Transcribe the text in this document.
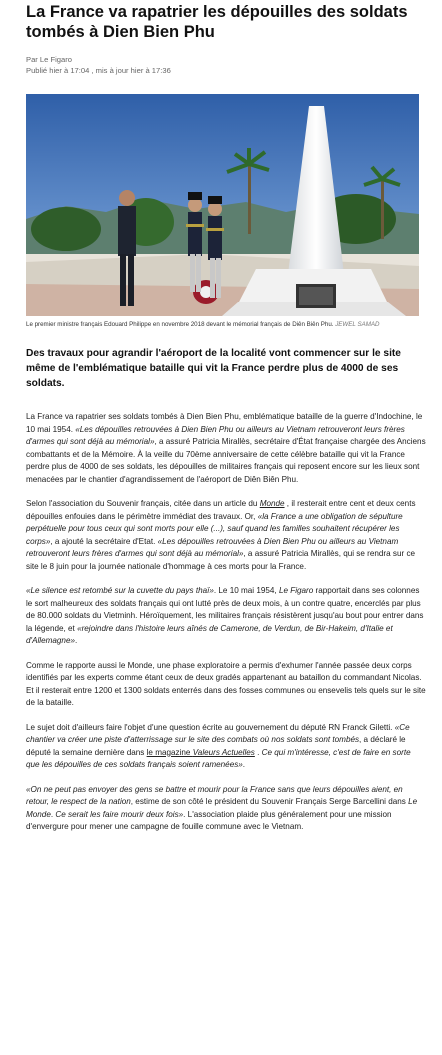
La France va rapatrier les dépouilles des soldats tombés à Dien Bien Phu

Par Le Figaro

Publié hier à 17:04 , mis à jour hier à 17:36

Le premier ministre français Edouard Philippe en novembre 2018 devant le mémorial français de Diên Biên Phu. JEWEL SAMAD

Des travaux pour agrandir l'aéroport de la localité vont commencer sur le site même de l'emblématique bataille qui vit la France perdre plus de 4000 de ses soldats.

La France va rapatrier ses soldats tombés à Dien Bien Phu, emblématique bataille de la guerre d'Indochine, le 10 mai 1954. «Les dépouilles retrouvées à Dien Bien Phu ou ailleurs au Vietnam retrouveront leurs frères d'armes qui sont déjà au mémorial», a assuré Patricia Mirallès, secrétaire d'État française chargée des Anciens combattants et de la Mémoire. À la veille du 70ème anniversaire de cette célèbre bataille qui vit la France perdre plus de 4000 de ses soldats, les dépouilles de militaires français qui reposent encore sur les lieux sont menacées par le chantier d'agrandissement de l'aéroport de Diên Biên Phu.

Selon l'association du Souvenir français, citée dans un article du Monde , il resterait entre cent et deux cents dépouilles enfouies dans le périmètre immédiat des travaux. Or, «la France a une obligation de sépulture perpétuelle pour tous ceux qui sont morts pour elle (...), sauf quand les familles souhaitent récupérer les corps», a ajouté la secrétaire d'Etat. «Les dépouilles retrouvées à Dien Bien Phu ou ailleurs au Vietnam retrouveront leurs frères d'armes qui sont déjà au mémorial», a assuré Patricia Mirallès, qui se rendra sur ce site le 8 juin pour la journée nationale d'hommage à ces morts pour la France.

«Le silence est retombé sur la cuvette du pays thaï». Le 10 mai 1954, Le Figaro rapportait dans ses colonnes le sort malheureux des soldats français qui ont lutté près de deux mois, à un contre quatre, encerclés par plus de 80.000 soldats du Vietminh. Héroïquement, les militaires français résistèrent jusqu'au bout pour entrer dans la légende, et «rejoindre dans l'histoire leurs aînés de Camerone, de Verdun, de Bir-Hakeim, d'Italie et d'Allemagne».

Comme le rapporte aussi le Monde, une phase exploratoire a permis d'exhumer l'année passée deux corps identifiés par les experts comme étant ceux de deux gradés appartenant au bataillon du commandant Nicolas. Et il resterait entre 1200 et 1300 soldats enterrés dans des fosses communes ou ensevelis tels quels sur le site de la bataille.

Le sujet doit d'ailleurs faire l'objet d'une question écrite au gouvernement du député RN Franck Giletti. «Ce chantier va créer une piste d'atterrissage sur le site des combats où nos soldats sont tombés, a déclaré le député la semaine dernière dans le magazine Valeurs Actuelles . Ce qui m'intéresse, c'est de faire en sorte que les dépouilles de ces soldats français soient ramenées».

«On ne peut pas envoyer des gens se battre et mourir pour la France sans que leurs dépouilles aient, en retour, le respect de la nation, estime de son côté le président du Souvenir Français Serge Barcellini dans Le Monde. Ce serait les faire mourir deux fois». L'association plaide plus généralement pour une mission d'envergure pour mener une campagne de fouille commune avec le Vietnam.
